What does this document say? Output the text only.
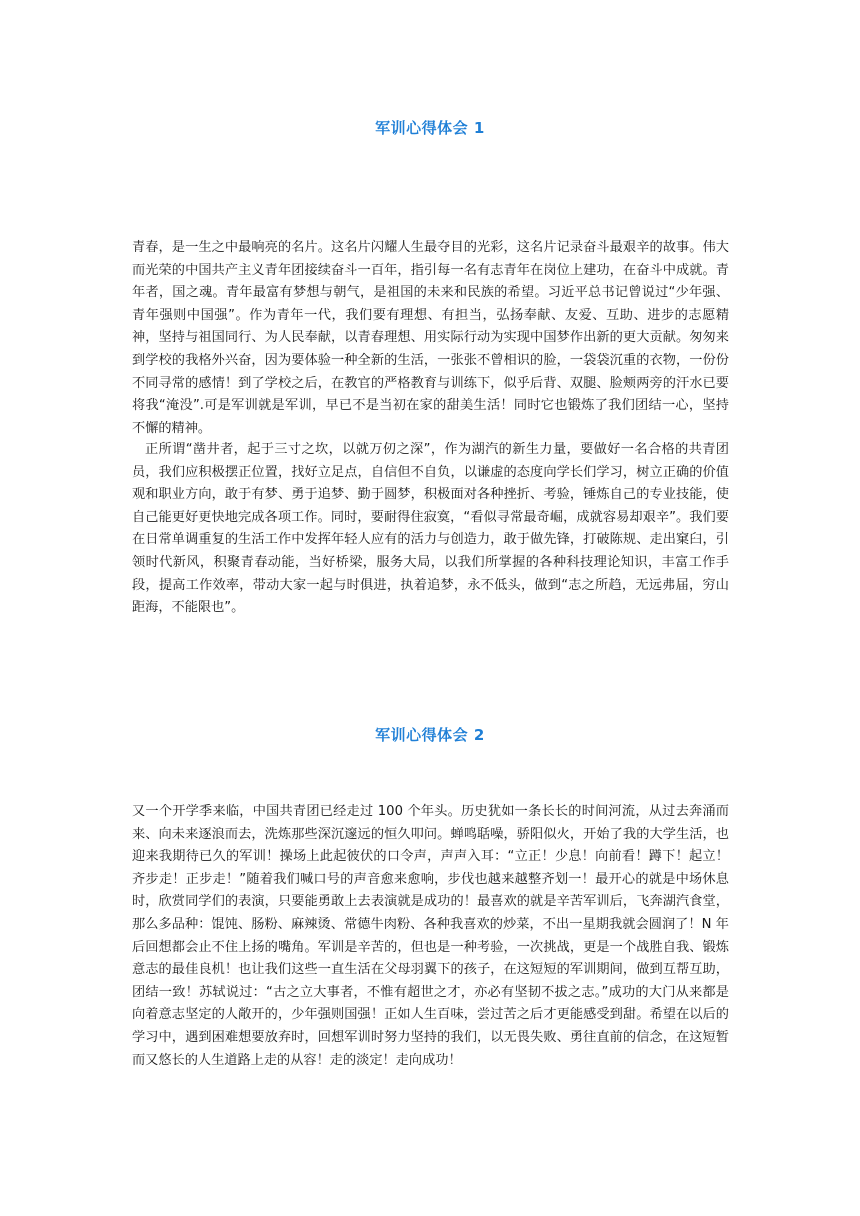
军训心得体会 1

青春，是一生之中最响亮的名片。这名片闪耀人生最夺目的光彩，这名片记录奋斗最艰辛的故事。伟大而光荣的中国共产主义青年团接续奋斗一百年，指引每一名有志青年在岗位上建功，在奋斗中成就。青年者，国之魂。青年最富有梦想与朝气，是祖国的未来和民族的希望。习近平总书记曾说过“少年强、青年强则中国强”。作为青年一代，我们要有理想、有担当，弘扬奉献、友爱、互助、进步的志愿精神，坚持与祖国同行、为人民奉献，以青春理想、用实际行动为实现中国梦作出新的更大贡献。匆匆来到学校的我格外兴奋，因为要体验一种全新的生活，一张张不曾相识的脸，一袋袋沉重的衣物，一份份不同寻常的感情！到了学校之后，在教官的严格教育与训练下，似乎后背、双腿、脸颊两旁的汗水已要将我“淹没”.可是军训就是军训，早已不是当初在家的甜美生活！同时它也锻炼了我们团结一心，坚持不懈的精神。

正所谓“凿井者，起于三寸之坎，以就万仞之深”，作为湖汽的新生力量，要做好一名合格的共青团员，我们应积极摆正位置，找好立足点，自信但不自负，以谦虚的态度向学长们学习，树立正确的价值观和职业方向，敢于有梦、勇于追梦、勤于圆梦，积极面对各种挫折、考验，锤炼自己的专业技能，使自己能更好更快地完成各项工作。同时，要耐得住寂寞，“看似寻常最奇崛，成就容易却艰辛”。我们要在日常单调重复的生活工作中发挥年轻人应有的活力与创造力，敢于做先锋，打破陈规、走出窠臼，引领时代新风，积聚青春动能，当好桥梁，服务大局，以我们所掌握的各种科技理论知识，丰富工作手段，提高工作效率，带动大家一起与时俱进，执着追梦，永不低头，做到“志之所趋，无远弗届，穷山距海，不能限也”。

军训心得体会 2

又一个开学季来临，中国共青团已经走过 100 个年头。历史犹如一条长长的时间河流，从过去奔涌而来、向未来逐浪而去，洗炼那些深沉邃远的恒久叩问。蝉鸣聒噪，骄阳似火，开始了我的大学生活，也迎来我期待已久的军训！操场上此起彼伏的口令声，声声入耳：“立正！少息！向前看！蹲下！起立！齐步走！正步走！”随着我们喊口号的声音愈来愈响，步伐也越来越整齐划一！最开心的就是中场休息时，欣赏同学们的表演，只要能勇敢上去表演就是成功的！最喜欢的就是辛苦军训后，飞奔湖汽食堂，那么多品种：馄饨、肠粉、麻辣烫、常德牛肉粉、各种我喜欢的炒菜，不出一星期我就会圆润了！N 年后回想都会止不住上扬的嘴角。军训是辛苦的，但也是一种考验，一次挑战，更是一个战胜自我、锻炼意志的最佳良机！也让我们这些一直生活在父母羽翼下的孩子，在这短短的军训期间，做到互帮互助，团结一致！苏轼说过：“古之立大事者，不惟有超世之才，亦必有坚韧不拔之志。”成功的大门从来都是向着意志坚定的人敞开的，少年强则国强！正如人生百味，尝过苦之后才更能感受到甜。希望在以后的学习中，遇到困难想要放弃时，回想军训时努力坚持的我们，以无畏失败、勇往直前的信念，在这短暂而又悠长的人生道路上走的从容！走的淡定！走向成功！
